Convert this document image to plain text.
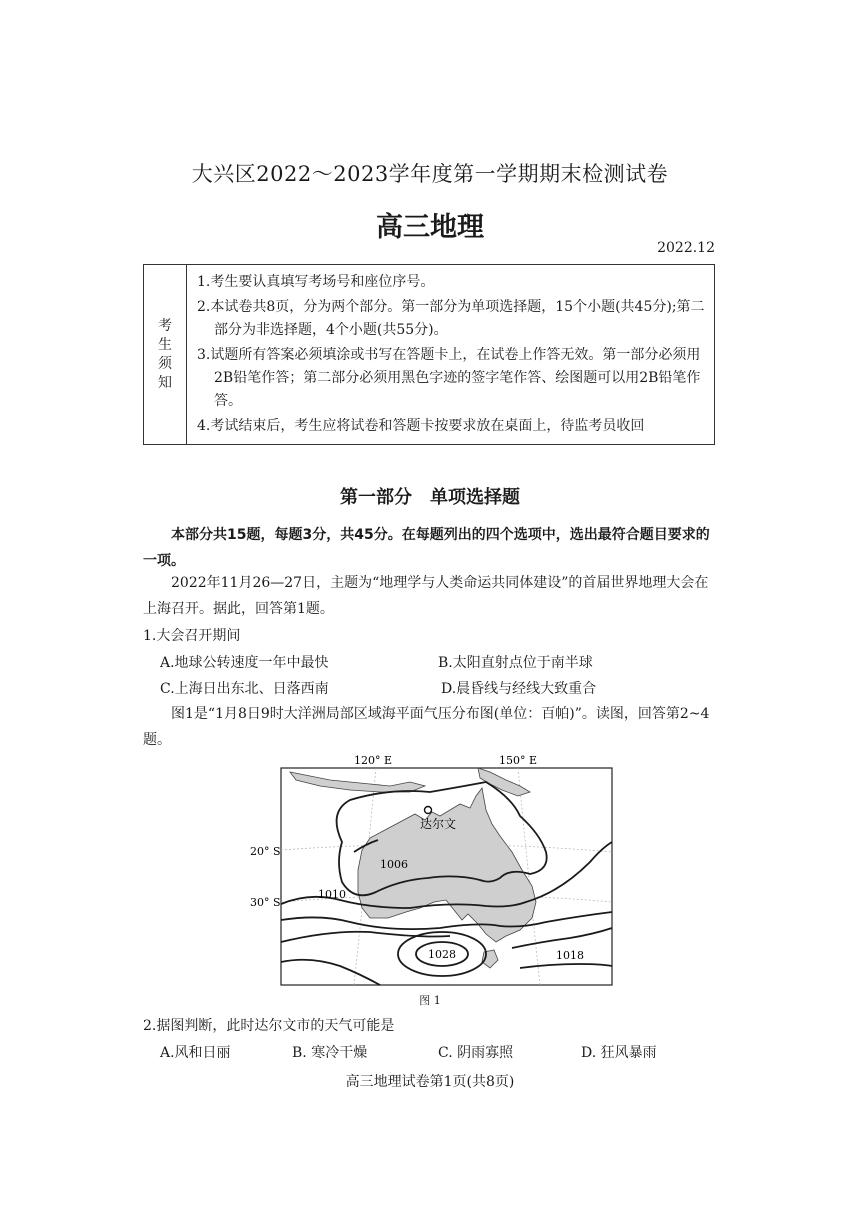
大兴区2022～2023学年度第一学期期末检测试卷
高三地理
2022.12
考
生
须
知

1.考生要认真填写考场号和座位序号。
2.本试卷共8页，分为两个部分。第一部分为单项选择题，15个小题(共45分);第二部分为非选择题，4个小题(共55分)。
3.试题所有答案必须填涂或书写在答题卡上，在试卷上作答无效。第一部分必须用2B铅笔作答；第二部分必须用黑色字迹的签字笔作答、绘图题可以用2B铅笔作答。
4.考试结束后，考生应将试卷和答题卡按要求放在桌面上，待监考员收回
第一部分　单项选择题
本部分共15题，每题3分，共45分。在每题列出的四个选项中，选出最符合题目要求的一项。
2022年11月26—27日，主题为“地理学与人类命运共同体建设”的首届世界地理大会在上海召开。据此，回答第1题。
1.大会召开期间
A.地球公转速度一年中最快	B.太阳直射点位于南半球
C.上海日出东北、日落西南	D.晨昏线与经线大致重合
图1是“1月8日9时大洋洲局部区域海平面气压分布图(单位：百帕)”。读图，回答第2~4题。
达尔文
1006
1010
1028	1018
120° E	150° E
20° S
30° S
图 1
2.据图判断，此时达尔文市的天气可能是
A.风和日丽	B. 寒冷干燥	C. 阴雨寡照	D. 狂风暴雨
高三地理试卷第1页(共8页)
